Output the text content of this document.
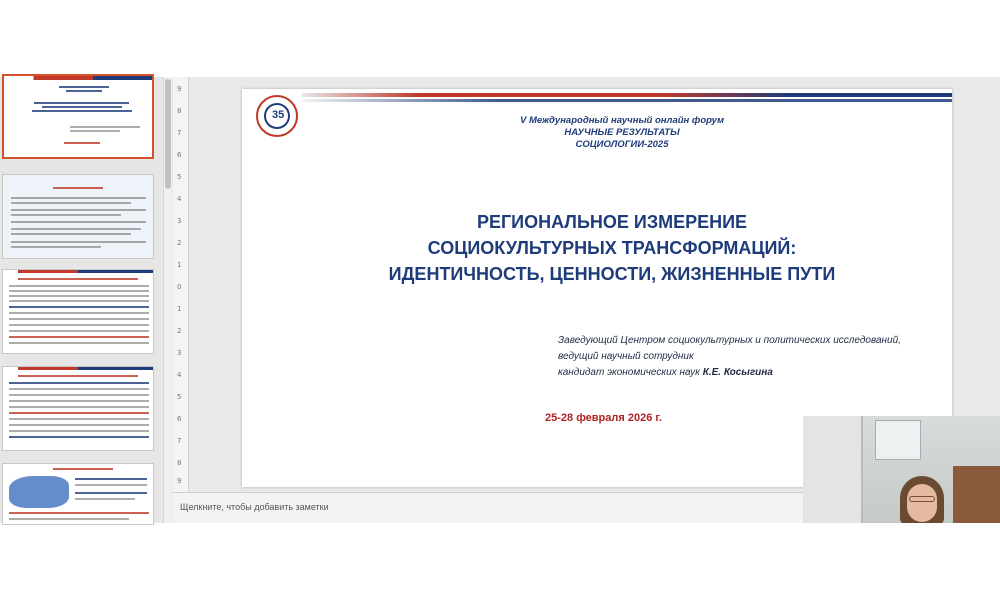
9
8
7
6
5
4
3
2
1
0
1
2
3
4
5
6
7
8
9
35	V Международный научный онлайн форум
НАУЧНЫЕ РЕЗУЛЬТАТЫ
СОЦИОЛОГИИ-2025
РЕГИОНАЛЬНОЕ ИЗМЕРЕНИЕ
СОЦИОКУЛЬТУРНЫХ ТРАНСФОРМАЦИЙ:
ИДЕНТИЧНОСТЬ, ЦЕННОСТИ, ЖИЗНЕННЫЕ ПУТИ
Заведующий Центром социокультурных и политических исследований,
ведущий научный сотрудник
кандидат экономических наук К.Е. Косыгина
25-28 февраля 2026 г.
Щелкните, чтобы добавить заметки
